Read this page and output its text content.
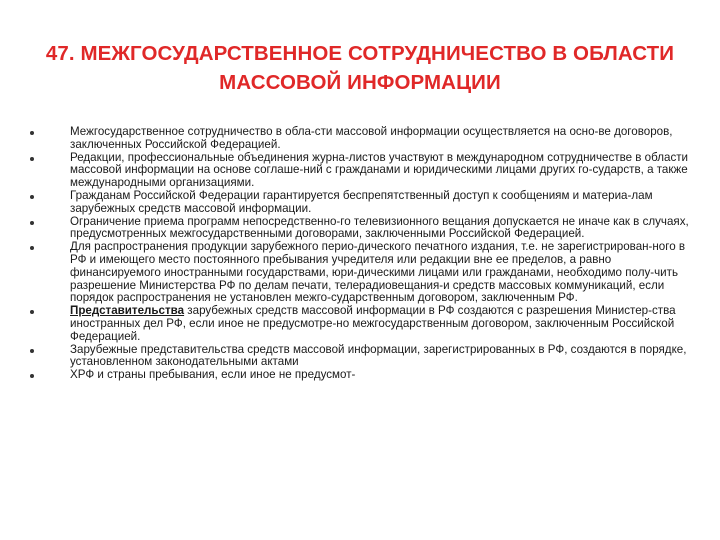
47. МЕЖГОСУДАРСТВЕННОЕ СОТРУДНИЧЕСТВО В ОБЛАСТИ МАССОВОЙ ИНФОРМАЦИИ
Межгосударственное сотрудничество в обла-сти массовой информации осуществляется на осно-ве договоров, заключенных Российской Федерацией.
Редакции, профессиональные объединения журна-листов участвуют в международном сотрудничестве в области массовой информации на основе соглаше-ний с гражданами и юридическими лицами других го-сударств, а также международными организациями.
Гражданам Российской Федерации гарантируется беспрепятственный доступ к сообщениям и материа-лам зарубежных средств массовой информации.
Ограничение приема программ непосредственно-го телевизионного вещания допускается не иначе как в случаях, предусмотренных межгосударственными договорами, заключенными Российской Федерацией.
Для распространения продукции зарубежного перио-дического печатного издания, т.е. не зарегистрирован-ного в РФ и имеющего место постоянного пребывания учредителя или редакции вне ее пределов, а равно финансируемого иностранными государствами, юри-дическими лицами или гражданами, необходимо полу-чить разрешение Министерства РФ по делам печати, телерадиовещания-и средств массовых коммуникаций, если порядок распространения не установлен межго-сударственным договором, заключенным РФ.
Представительства зарубежных средств массовой информации в РФ создаются с разрешения Министер-ства иностранных дел РФ, если иное не предусмотре-но межгосударственным договором, заключенным Российской Федерацией.
Зарубежные представительства средств массовой информации, зарегистрированных в РФ, создаются в порядке, установленном законодательными актами
ХРФ и страны пребывания, если иное не предусмот-
